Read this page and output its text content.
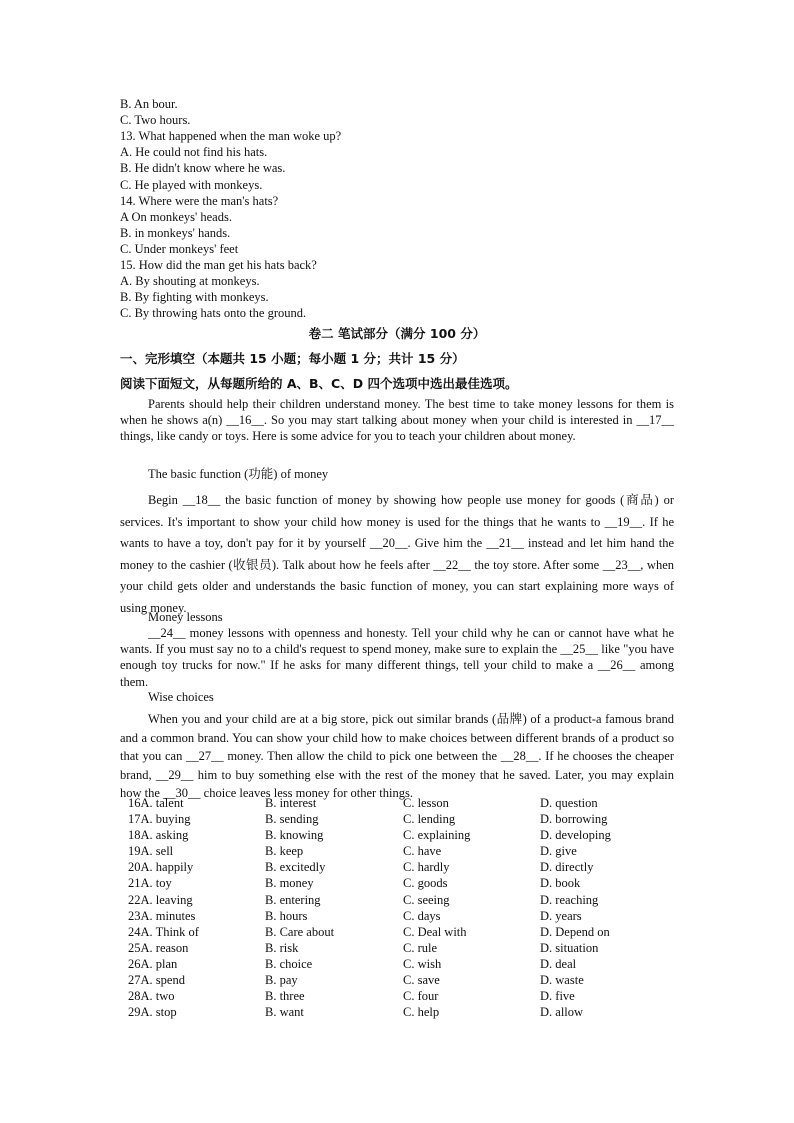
B. An bour.
C. Two hours.
13. What happened when the man woke up?
A. He could not find his hats.
B. He didn't know where he was.
C. He played with monkeys.
14. Where were the man's hats?
A On monkeys' heads.
B. in monkeys' hands.
C. Under monkeys' feet
15. How did the man get his hats back?
A. By shouting at monkeys.
B. By fighting with monkeys.
C. By throwing hats onto the ground.
卷二 笔试部分（满分 100 分）
一、完形填空（本题共 15 小题；每小题 1 分；共计 15 分）
阅读下面短文，从每题所给的 A、B、C、D 四个选项中选出最佳选项。
Parents should help their children understand money. The best time to take money lessons for them is when he shows a(n) __16__. So you may start talking about money when your child is interested in __17__ things, like candy or toys. Here is some advice for you to teach your children about money.
The basic function (功能) of money
Begin __18__ the basic function of money by showing how people use money for goods (商品) or services. It's important to show your child how money is used for the things that he wants to __19__. If he wants to have a toy, don't pay for it by yourself __20__. Give him the __21__ instead and let him hand the money to the cashier (收银员). Talk about how he feels after __22__ the toy store. After some __23__, when your child gets older and understands the basic function of money, you can start explaining more ways of using money.
Money lessons
__24__ money lessons with openness and honesty. Tell your child why he can or cannot have what he wants. If you must say no to a child's request to spend money, make sure to explain the __25__ like "you have enough toy trucks for now." If he asks for many different things, tell your child to make a __26__ among them.
Wise choices
When you and your child are at a big store, pick out similar brands (品牌) of a product-a famous brand and a common brand. You can show your child how to make choices between different brands of a product so that you can __27__ money. Then allow the child to pick one between the __28__. If he chooses the cheaper brand, __29__ him to buy something else with the rest of the money that he saved. Later, you may explain how the __30__ choice leaves less money for other things.
16A. talent	B. interest	C. lesson	D. question
17A. buying	B. sending	C. lending	D. borrowing
18A. asking	B. knowing	C. explaining	D. developing
19A. sell	B. keep	C. have	D. give
20A. happily	B. excitedly	C. hardly	D. directly
21A. toy	B. money	C. goods	D. book
22A. leaving	B. entering	C. seeing	D. reaching
23A. minutes	B. hours	C. days	D. years
24A. Think of	B. Care about	C. Deal with	D. Depend on
25A. reason	B. risk	C. rule	D. situation
26A. plan	B. choice	C. wish	D. deal
27A. spend	B. pay	C. save	D. waste
28A. two	B. three	C. four	D. five
29A. stop	B. want	C. help	D. allow
